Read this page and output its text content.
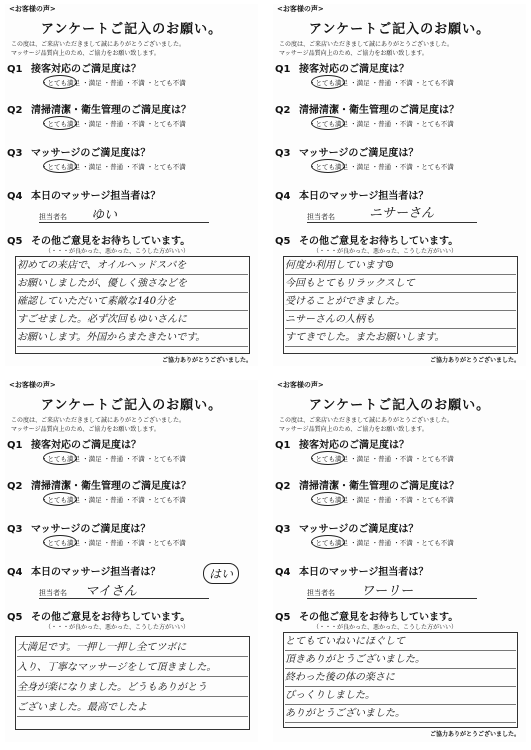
<お客様の声>
アンケートご記入のお願い。
この度は、ご来店いただきまして誠にありがとうございました。
マッサージ品質向上のため、ご協力をお願い致します。
Q1 接客対応のご満足度は？
・とても満足 ・満足 ・普通 ・不満 ・とても不満
Q2 清掃清潔・衛生管理のご満足度は？
・とても満足 ・満足 ・普通 ・不満 ・とても不満
Q3 マッサージのご満足度は？
・とても満足 ・満足 ・普通 ・不満 ・とても不満
Q4 本日のマッサージ担当者は？
担当者名 ゆい
Q5 その他ご意見をお待ちしています。
（・・・が良かった、悪かった、こうした方がいい）
初めての来店で、オイルヘッドスパを
お願いしましたが、優しく強さなどを
確認していただいて素敵な140分を
すごせました。必ず次回もゆいさんに
お願いします。外国からまたきたいです。
ご協力ありがとうございました。
<お客様の声>
アンケートご記入のお願い。
この度は、ご来店いただきまして誠にありがとうございました。
マッサージ品質向上のため、ご協力をお願い致します。
Q1 接客対応のご満足度は？
・とても満足 ・満足 ・普通 ・不満 ・とても不満
Q2 清掃清潔・衛生管理のご満足度は？
・とても満足 ・満足 ・普通 ・不満 ・とても不満
Q3 マッサージのご満足度は？
・とても満足 ・満足 ・普通 ・不満 ・とても不満
Q4 本日のマッサージ担当者は？
担当者名	ニサーさん
Q5 その他ご意見をお待ちしています。
（・・・が良かった、悪かった、こうした方がいい）
何度か利用しています☺
今回もとてもリラックスして
受けることができました。
ニサーさんの人柄も
すてきでした。またお願いします。
ご協力ありがとうございました。
<お客様の声>
アンケートご記入のお願い。
この度は、ご来店いただきまして誠にありがとうございました。
マッサージ品質向上のため、ご協力をお願い致します。
Q1 接客対応のご満足度は？
・とても満足 ・満足 ・普通 ・不満 ・とても不満
Q2 清掃清潔・衛生管理のご満足度は？
・とても満足 ・満足 ・普通 ・不満 ・とても不満
Q3 マッサージのご満足度は？
・とても満足 ・満足 ・普通 ・不満 ・とても不満
Q4 本日のマッサージ担当者は？
担当者名 マイさん
はい
Q5 その他ご意見をお待ちしています。
（・・・が良かった、悪かった、こうした方がいい）
大満足です。一押し一押し全てツボに
入り、丁寧なマッサージをして頂きました。
全身が楽になりました。どうもありがとう
ございました。最高でしたよ
<お客様の声>
アンケートご記入のお願い。
この度は、ご来店いただきまして誠にありがとうございました。
マッサージ品質向上のため、ご協力をお願い致します。
Q1 接客対応のご満足度は？
・とても満足 ・満足 ・普通 ・不満 ・とても不満
Q2 清掃清潔・衛生管理のご満足度は？
・とても満足 ・満足 ・普通 ・不満 ・とても不満
Q3 マッサージのご満足度は？
・とても満足 ・満足 ・普通 ・不満 ・とても不満
Q4 本日のマッサージ担当者は？
担当者名 ワーリー
Q5 その他ご意見をお待ちしています。
（・・・が良かった、悪かった、こうした方がいい）
とてもていねいにほぐして
頂きありがとうございました。
終わった後の体の楽さに
びっくりしました。
ありがとうございました。
ご協力ありがとうございました。
